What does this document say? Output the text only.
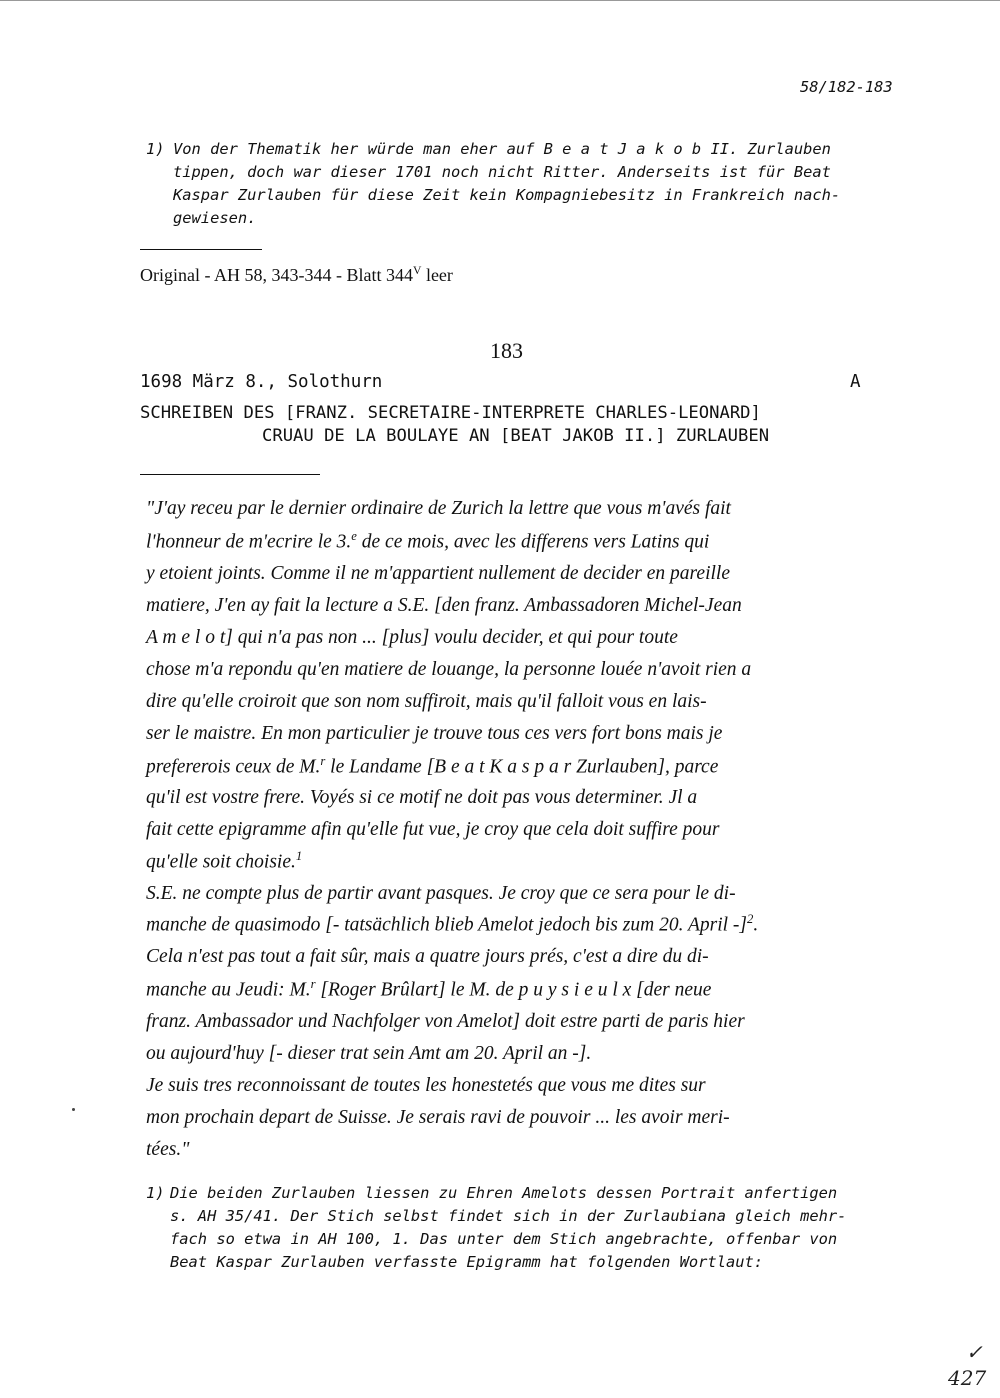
58/182-183
1) Von der Thematik her würde man eher auf B e a t J a k o b II. Zurlauben
tippen, doch war dieser 1701 noch nicht Ritter. Anderseits ist für Beat
Kaspar Zurlauben für diese Zeit kein Kompagniebesitz in Frankreich nach-
gewiesen.
Original - AH 58, 343-344 - Blatt $344^V$ leer
183
1698 März 8., Solothurn	A
SCHREIBEN DES [FRANZ. SECRETAIRE-INTERPRETE CHARLES-LEONARD]
CRUAU DE LA BOULAYE AN [BEAT JAKOB II.] ZURLAUBEN
"J'ay receu par le dernier ordinaire de Zurich la lettre que vous m'avés fait
l'honneur de m'ecrire le 3.$^e$ de ce mois, avec les differens vers Latins qui
y etoient joints. Comme il ne m'appartient nullement de decider en pareille
matiere, J'en ay fait la lecture a S.E. [den franz. Ambassadoren Michel-Jean
A m e l o t] qui n'a pas non ... [plus] voulu decider, et qui pour toute
chose m'a repondu qu'en matiere de louange, la personne louée n'avoit rien a
dire qu'elle croiroit que son nom suffiroit, mais qu'il falloit vous en lais-
ser le maistre. En mon particulier je trouve tous ces vers fort bons mais je
prefererois ceux de M.$^r$ le Landame [B e a t K a s p a r Zurlauben], parce
qu'il est vostre frere. Voyés si ce motif ne doit pas vous determiner. Jl a
fait cette epigramme afin qu'elle fut vue, je croy que cela doit suffire pour
qu'elle soit choisie.$^1$
S.E. ne compte plus de partir avant pasques. Je croy que ce sera pour le di-
manche de quasimodo [- tatsächlich blieb Amelot jedoch bis zum 20. April -]$^2$.
Cela n'est pas tout a fait sûr, mais a quatre jours prés, c'est a dire du di-
manche au Jeudi: M.$^r$ [Roger Brûlart] le M. de p u y s i e u l x [der neue
franz. Ambassador und Nachfolger von Amelot] doit estre parti de paris hier
ou aujourd'huy [- dieser trat sein Amt am 20. April an -].
Je suis tres reconnoissant de toutes les honestetés que vous me dites sur
mon prochain depart de Suisse. Je serais ravi de pouvoir ... les avoir meri-
tées."
1) Die beiden Zurlauben liessen zu Ehren Amelots dessen Portrait anfertigen
s. AH 35/41. Der Stich selbst findet sich in der Zurlaubiana gleich mehr-
fach so etwa in AH 100, 1. Das unter dem Stich angebrachte, offenbar von
Beat Kaspar Zurlauben verfasste Epigramm hat folgenden Wortlaut:
✓
427
